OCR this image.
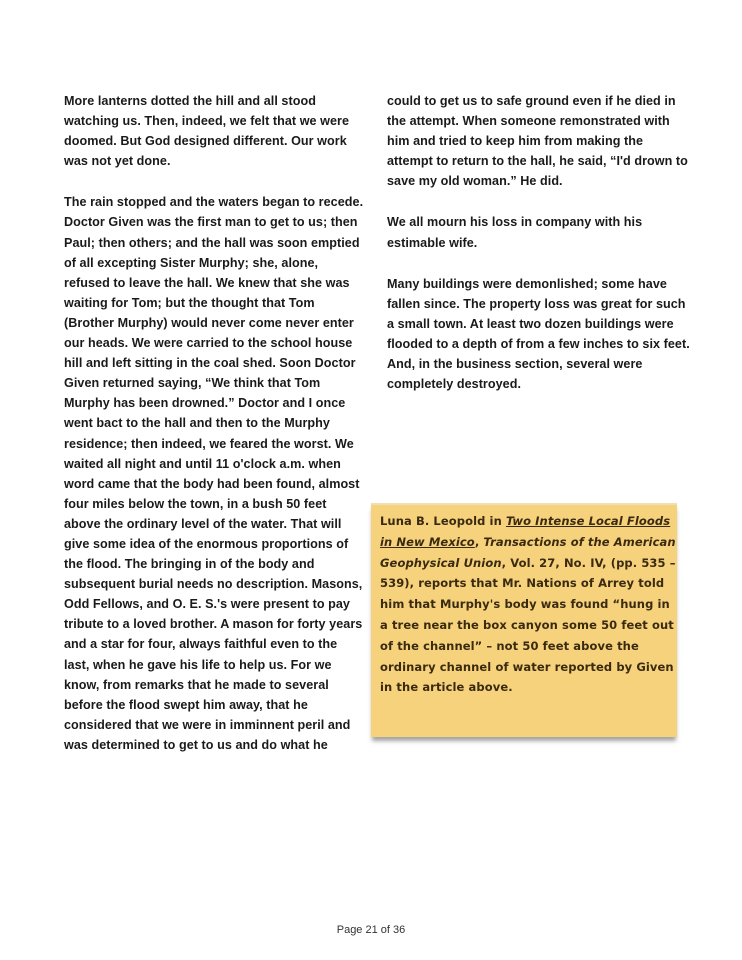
More lanterns dotted the hill and all stood watching us. Then, indeed, we felt that we were doomed. But God designed different. Our work was not yet done.

The rain stopped and the waters began to recede. Doctor Given was the first man to get to us; then Paul; then others; and the hall was soon emptied of all excepting Sister Murphy; she, alone, refused to leave the hall. We knew that she was waiting for Tom; but the thought that Tom (Brother Murphy) would never come never enter our heads. We were carried to the school house hill and left sitting in the coal shed. Soon Doctor Given returned saying, “We think that Tom Murphy has been drowned.” Doctor and I once went bact to the hall and then to the Murphy residence; then indeed, we feared the worst. We waited all night and until 11 o'clock a.m. when word came that the body had been found, almost four miles below the town, in a bush 50 feet above the ordinary level of the water. That will give some idea of the enormous proportions of the flood. The bringing in of the body and subsequent burial needs no description. Masons, Odd Fellows, and O. E. S.'s were present to pay tribute to a loved brother. A mason for forty years and a star for four, always faithful even to the last, when he gave his life to help us. For we know, from remarks that he made to several before the flood swept him away, that he considered that we were in imminnent peril and was determined to get to us and do what he

could to get us to safe ground even if he died in the attempt. When someone remonstrated with him and tried to keep him from making the attempt to return to the hall, he said, “I'd drown to save my old woman.” He did.

We all mourn his loss in company with his estimable wife.

Many buildings were demonlished; some have fallen since. The property loss was great for such a small town. At least two dozen buildings were flooded to a depth of from a few inches to six feet. And, in the business section, several were completely destroyed.

Luna B. Leopold in Two Intense Local Floods in New Mexico, Transactions of the American Geophysical Union, Vol. 27, No. IV, (pp. 535 – 539), reports that Mr. Nations of Arrey told him that Murphy's body was found “hung in a tree near the box canyon some 50 feet out of the channel” – not 50 feet above the ordinary channel of water reported by Given in the article above.
Page 21 of 36
